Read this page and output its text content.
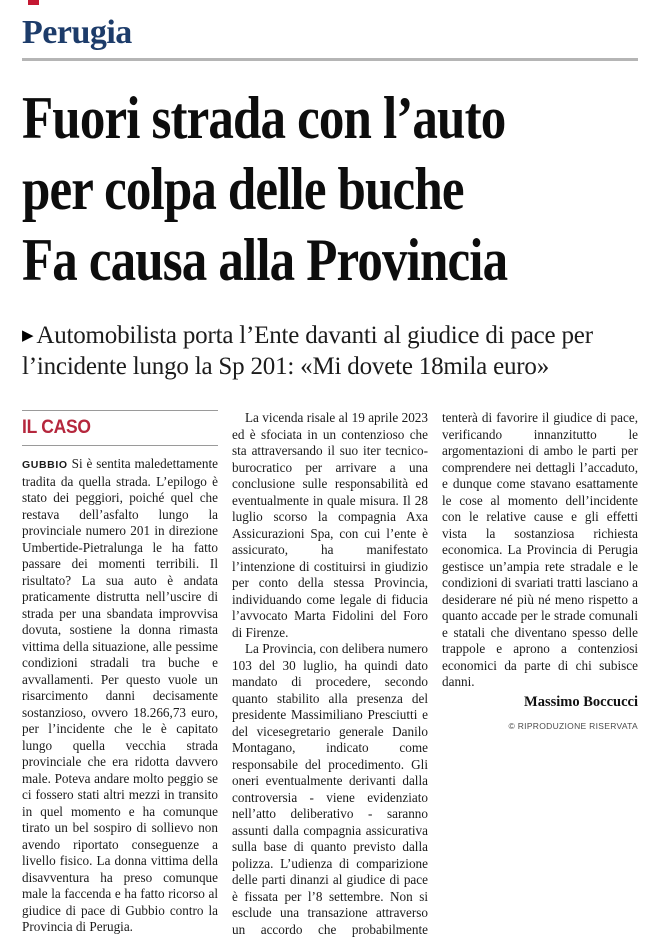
Perugia
Fuori strada con l’auto
per colpa delle buche
Fa causa alla Provincia

▶ Automobilista porta l’Ente davanti al giudice di pace per l’incidente lungo la Sp 201: «Mi dovete 18mila euro»

IL CASO

GUBBIO Si è sentita maledettamente tradita da quella strada. L’epilogo è stato dei peggiori, poiché quel che restava dell’asfalto lungo la provinciale numero 201 in direzione Umbertide-Pietralunga le ha fatto passare dei momenti terribili. Il risultato? La sua auto è andata praticamente distrutta nell’uscire di strada per una sbandata improvvisa dovuta, sostiene la donna rimasta vittima della situazione, alle pessime condizioni stradali tra buche e avvallamenti. Per questo vuole un risarcimento danni decisamente sostanzioso, ovvero 18.266,73 euro, per l’incidente che le è capitato lungo quella vecchia strada provinciale che era ridotta davvero male. Poteva andare molto peggio se ci fossero stati altri mezzi in transito in quel momento e ha comunque tirato un bel sospiro di sollievo non avendo riportato conseguenze a livello fisico. La donna vittima della disavventura ha preso comunque male la faccenda e ha fatto ricorso al giudice di pace di Gubbio contro la Provincia di Perugia.

La vicenda risale al 19 aprile 2023 ed è sfociata in un contenzioso che sta attraversando il suo iter tecnico-burocratico per arrivare a una conclusione sulle responsabilità ed eventualmente in quale misura. Il 28 luglio scorso la compagnia Axa Assicurazioni Spa, con cui l’ente è assicurato, ha manifestato l’intenzione di costituirsi in giudizio per conto della stessa Provincia, individuando come legale di fiducia l’avvocato Marta Fidolini del Foro di Firenze.

La Provincia, con delibera numero 103 del 30 luglio, ha quindi dato mandato di procedere, secondo quanto stabilito alla presenza del presidente Massimiliano Presciutti e del vicesegretario generale Danilo Montagano, indicato come responsabile del procedimento. Gli oneri eventualmente derivanti dalla controversia - viene evidenziato nell’atto deliberativo - saranno assunti dalla compagnia assicurativa sulla base di quanto previsto dalla polizza. L’udienza di comparizione delle parti dinanzi al giudice di pace è fissata per l’8 settembre. Non si esclude una transazione attraverso un accordo che probabilmente tenterà di favorire il giudice di pace, verificando innanzitutto le argomentazioni di ambo le parti per comprendere nei dettagli l’accaduto, e dunque come stavano esattamente le cose al momento dell’incidente con le relative cause e gli effetti vista la sostanziosa richiesta economica. La Provincia di Perugia gestisce un’ampia rete stradale e le condizioni di svariati tratti lasciano a desiderare né più né meno rispetto a quanto accade per le strade comunali e statali che diventano spesso delle trappole e aprono a contenziosi economici da parte di chi subisce danni.

Massimo Boccucci

© RIPRODUZIONE RISERVATA
